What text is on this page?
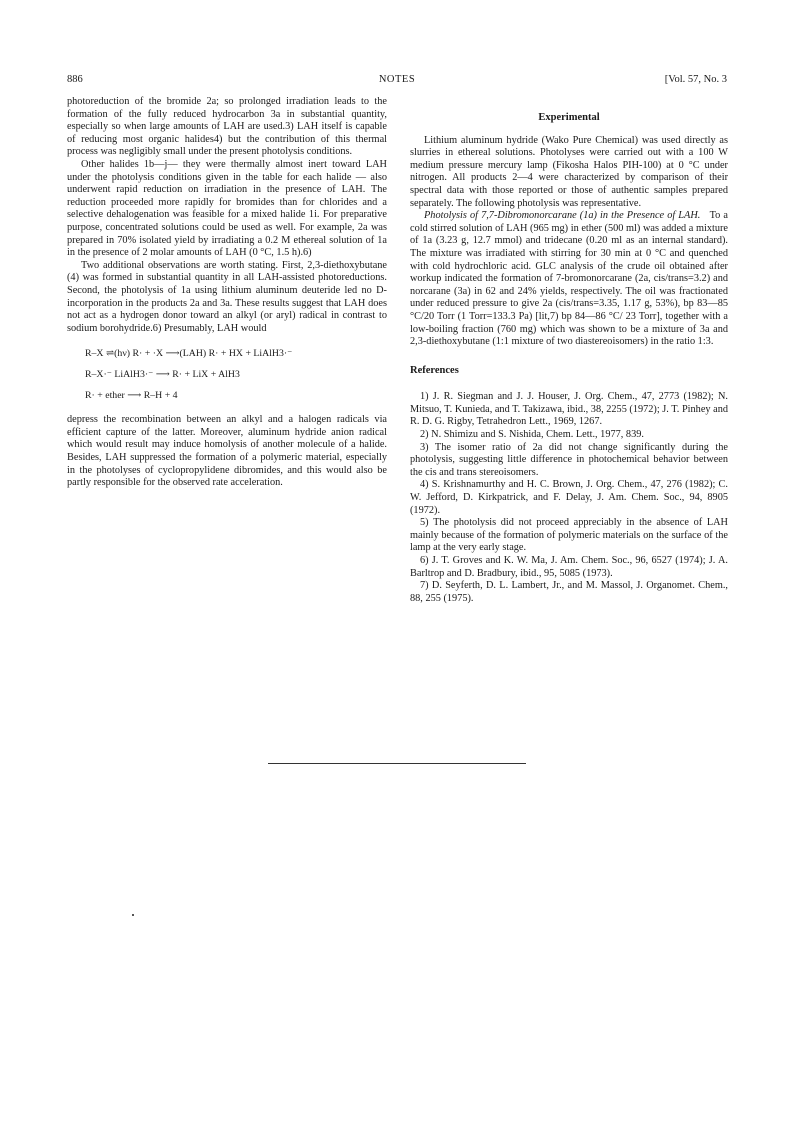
886	NOTES	[Vol. 57, No. 3

photoreduction of the bromide 2a; so prolonged irradiation leads to the formation of the fully reduced hydrocarbon 3a in substantial quantity, especially so when large amounts of LAH are used.3) LAH itself is capable of reducing most organic halides4) but the contribution of this thermal process was negligibly small under the present photolysis conditions.

Other halides 1b—j— they were thermally almost inert toward LAH under the photolysis conditions given in the table for each halide — also underwent rapid reduction on irradiation in the presence of LAH. The reduction proceeded more rapidly for bromides than for chlorides and a selective dehalogenation was feasible for a mixed halide 1i. For preparative purpose, concentrated solutions could be used as well. For example, 2a was prepared in 70% isolated yield by irradiating a 0.2 M ethereal solution of 1a in the presence of 2 molar amounts of LAH (0 °C, 1.5 h).6)

Two additional observations are worth stating. First, 2,3-diethoxybutane (4) was formed in substantial quantity in all LAH-assisted photoreductions. Second, the photolysis of 1a using lithium aluminum deuteride led no D-incorporation in the products 2a and 3a. These results suggest that LAH does not act as a hydrogen donor toward an alkyl (or aryl) radical in contrast to sodium borohydride.6) Presumably, LAH would

R–X ⇌(hν) R· + ·X ⟶(LAH) R· + HX + LiAlH3·⁻
R–X·⁻ LiAlH3·⁻ ⟶ R· + LiX + AlH3
R· + ether ⟶ R–H + 4

depress the recombination between an alkyl and a halogen radicals via efficient capture of the latter. Moreover, aluminum hydride anion radical which would result may induce homolysis of another molecule of a halide. Besides, LAH suppressed the formation of a polymeric material, especially in the photolyses of cyclopropylidene dibromides, and this would also be partly responsible for the observed rate acceleration.

Experimental

Lithium aluminum hydride (Wako Pure Chemical) was used directly as slurries in ethereal solutions. Photolyses were carried out with a 100 W medium pressure mercury lamp (Fikosha Halos PIH-100) at 0 °C under nitrogen. All products 2—4 were characterized by comparison of their spectral data with those reported or those of authentic samples prepared separately. The following photolysis was representative.

Photolysis of 7,7-Dibromonorcarane (1a) in the Presence of LAH. To a cold stirred solution of LAH (965 mg) in ether (500 ml) was added a mixture of 1a (3.23 g, 12.7 mmol) and tridecane (0.20 ml as an internal standard). The mixture was irradiated with stirring for 30 min at 0 °C and quenched with cold hydrochloric acid. GLC analysis of the crude oil obtained after workup indicated the formation of 7-bromonorcarane (2a, cis/trans=3.2) and norcarane (3a) in 62 and 24% yields, respectively. The oil was fractionated under reduced pressure to give 2a (cis/trans=3.35, 1.17 g, 53%), bp 83—85 °C/20 Torr (1 Torr=133.3 Pa) [lit,7) bp 84—86 °C/ 23 Torr], together with a low-boiling fraction (760 mg) which was shown to be a mixture of 3a and 2,3-diethoxybutane (1:1 mixture of two diastereoisomers) in the ratio 1:3.

References

1) J. R. Siegman and J. J. Houser, J. Org. Chem., 47, 2773 (1982); N. Mitsuo, T. Kunieda, and T. Takizawa, ibid., 38, 2255 (1972); J. T. Pinhey and R. D. G. Rigby, Tetrahedron Lett., 1969, 1267.

2) N. Shimizu and S. Nishida, Chem. Lett., 1977, 839.

3) The isomer ratio of 2a did not change significantly during the photolysis, suggesting little difference in photochemical behavior between the cis and trans stereoisomers.

4) S. Krishnamurthy and H. C. Brown, J. Org. Chem., 47, 276 (1982); C. W. Jefford, D. Kirkpatrick, and F. Delay, J. Am. Chem. Soc., 94, 8905 (1972).

5) The photolysis did not proceed appreciably in the absence of LAH mainly because of the formation of polymeric materials on the surface of the lamp at the very early stage.

6) J. T. Groves and K. W. Ma, J. Am. Chem. Soc., 96, 6527 (1974); J. A. Barltrop and D. Bradbury, ibid., 95, 5085 (1973).

7) D. Seyferth, D. L. Lambert, Jr., and M. Massol, J. Organomet. Chem., 88, 255 (1975).
